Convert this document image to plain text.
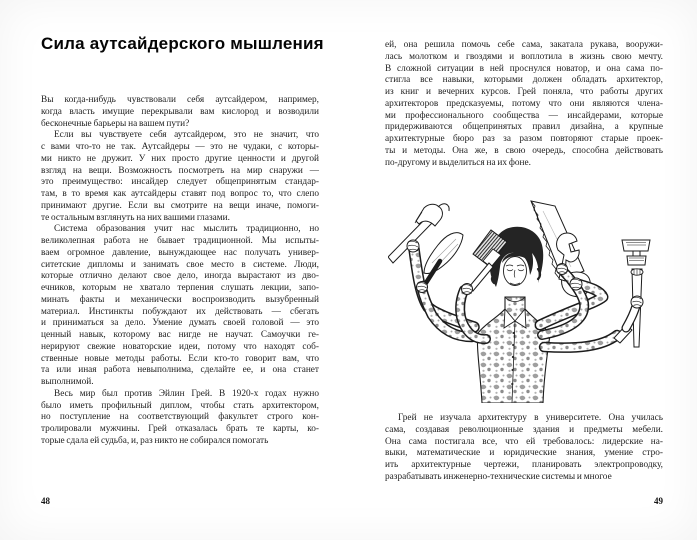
Сила аутсайдерского мышления
Вы когда-нибудь чувствовали себя аутсайдером, например,
когда власть имущие перекрывали вам кислород и возводили
бесконечные барьеры на вашем пути?
Если вы чувствуете себя аутсайдером, это не значит, что
с вами что-то не так. Аутсайдеры — это не чудаки, с которы-
ми никто не дружит. У них просто другие ценности и другой
взгляд на вещи. Возможность посмотреть на мир снаружи —
это преимущество: инсайдер следует общепринятым стандар-
там, в то время как аутсайдеры ставят под вопрос то, что слепо
принимают другие. Если вы смотрите на вещи иначе, помоги-
те остальным взглянуть на них вашими глазами.
Система образования учит нас мыслить традиционно, но
великолепная работа не бывает традиционной. Мы испыты-
ваем огромное давление, вынуждающее нас получать универ-
ситетские дипломы и занимать свое место в системе. Люди,
которые отлично делают свое дело, иногда вырастают из дво-
ечников, которым не хватало терпения слушать лекции, запо-
минать факты и механически воспроизводить вызубренный
материал. Инстинкты побуждают их действовать — сбегать
и приниматься за дело. Умение думать своей головой — это
ценный навык, которому вас нигде не научат. Самоучки ге-
нерируют свежие новаторские идеи, потому что находят соб-
ственные новые методы работы. Если кто-то говорит вам, что
та или иная работа невыполнима, сделайте ее, и она станет
выполнимой.
Весь мир был против Эйлин Грей. В 1920-х годах нужно
было иметь профильный диплом, чтобы стать архитектором,
но поступление на соответствующий факультет строго кон-
тролировали мужчины. Грей отказалась брать те карты, ко-
торые сдала ей судьба, и, раз никто не собирался помогать
48
ей, она решила помочь себе сама, закатала рукава, вооружи-
лась молотком и гвоздями и воплотила в жизнь свою мечту.
В сложной ситуации в ней проснулся новатор, и она сама по-
стигла все навыки, которыми должен обладать архитектор,
из книг и вечерних курсов. Грей поняла, что работы других
архитекторов предсказуемы, потому что они являются члена-
ми профессионального сообщества — инсайдерами, которые
придерживаются общепринятых правил дизайна, а крупные
архитектурные бюро раз за разом повторяют старые проек-
ты и методы. Она же, в свою очередь, способна действовать
по-другому и выделиться на их фоне.
Грей не изучала архитектуру в университете. Она училась
сама, создавая революционные здания и предметы мебели.
Она сама постигала все, что ей требовалось: лидерские на-
выки, математические и юридические знания, умение стро-
ить архитектурные чертежи, планировать электропроводку,
разрабатывать инженерно-технические системы и многое
49
